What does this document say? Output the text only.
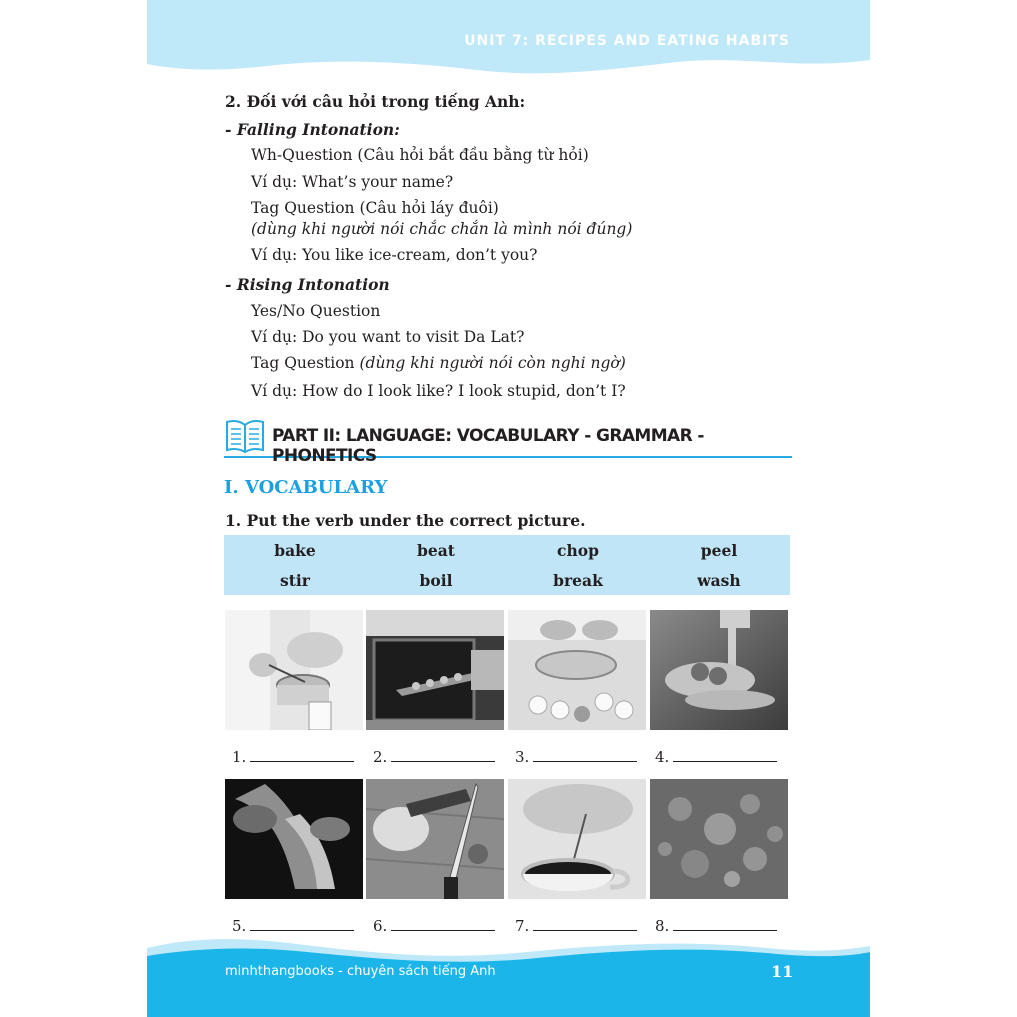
UNIT 7: RECIPES AND EATING HABITS
2. Đối với câu hỏi trong tiếng Anh:
- Falling Intonation:
Wh-Question (Câu hỏi bắt đầu bằng từ hỏi)
Ví dụ: What’s your name?
Tag Question (Câu hỏi láy đuôi)
(dùng khi người nói chắc chắn là mình nói đúng)
Ví dụ: You like ice-cream, don’t you?
- Rising Intonation
Yes/No Question
Ví dụ: Do you want to visit Da Lat?
Tag Question (dùng khi người nói còn nghi ngờ)
Ví dụ: How do I look like? I look stupid, don’t I?
PART II: LANGUAGE: VOCABULARY - GRAMMAR - PHONETICS
I. VOCABULARY
1. Put the verb under the correct picture.
bake	beat	chop	peel
stir	boil	break	wash
1.	2.	3.	4.
5.	6.	7.	8.
minhthangbooks - chuyên sách tiếng Anh	11
